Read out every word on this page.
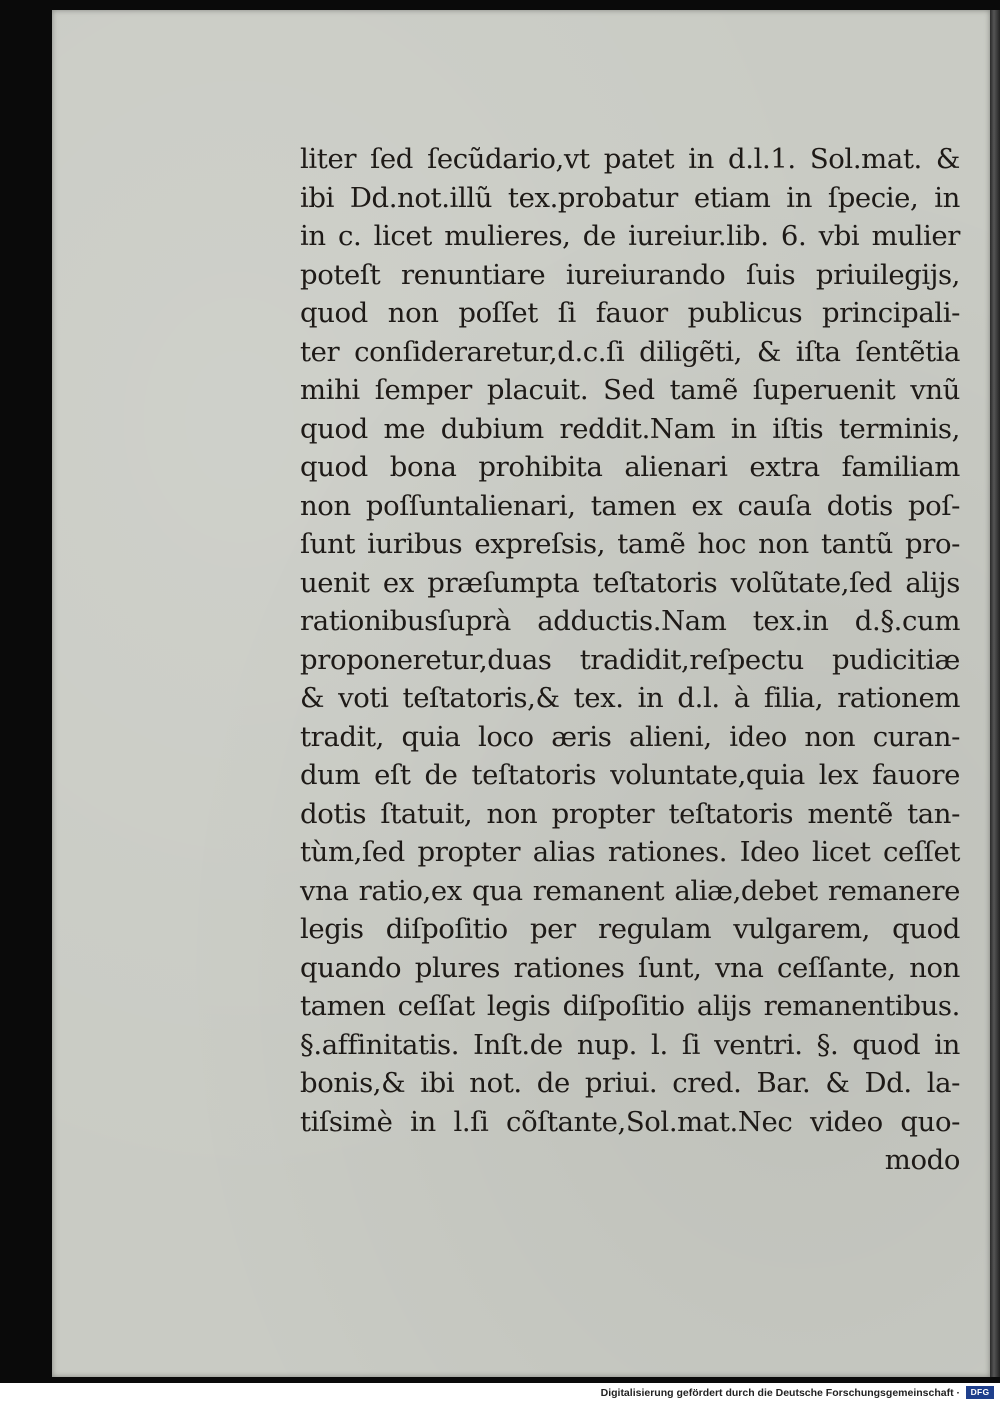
liter ſed ſecũdario,vt patet in d.l.1. Sol.mat. &
ibi Dd.not.illũ tex.probatur etiam in ſpecie, in
in c. licet mulieres, de iureiur.lib. 6. vbi mulier
poteſt renuntiare iureiurando ſuis priuilegijs,
quod non poſſet ſi fauor publicus principali-
ter conſideraretur,d.c.ſi diligẽti, & iſta ſentẽtia
mihi ſemper placuit. Sed tamẽ ſuperuenit vnũ
quod me dubium reddit.Nam in iſtis terminis,
quod bona prohibita alienari extra familiam
non poſſuntalienari, tamen ex cauſa dotis poſ-
ſunt iuribus expreſsis, tamẽ hoc non tantũ pro-
uenit ex præſumpta teſtatoris volũtate,ſed alijs
rationibusſuprà adductis.Nam tex.in d.§.cum
proponeretur,duas tradidit,reſpectu pudicitiæ
& voti teſtatoris,& tex. in d.l. à filia, rationem
tradit, quia loco æris alieni, ideo non curan-
dum eſt de teſtatoris voluntate,quia lex fauore
dotis ſtatuit, non propter teſtatoris mentẽ tan-
tùm,ſed propter alias rationes. Ideo licet ceſſet
vna ratio,ex qua remanent aliæ,debet remanere
legis diſpoſitio per regulam vulgarem, quod
quando plures rationes ſunt, vna ceſſante, non
tamen ceſſat legis diſpoſitio alijs remanentibus.
§.affinitatis. Inſt.de nup. l. ſi ventri. §. quod in
bonis,& ibi not. de priui. cred. Bar. & Dd. la-
tiſsimè in l.ſi cõſtante,Sol.mat.Nec video quo-
modo
Digitalisierung gefördert durch die Deutsche Forschungsgemeinschaft ·	DFG
